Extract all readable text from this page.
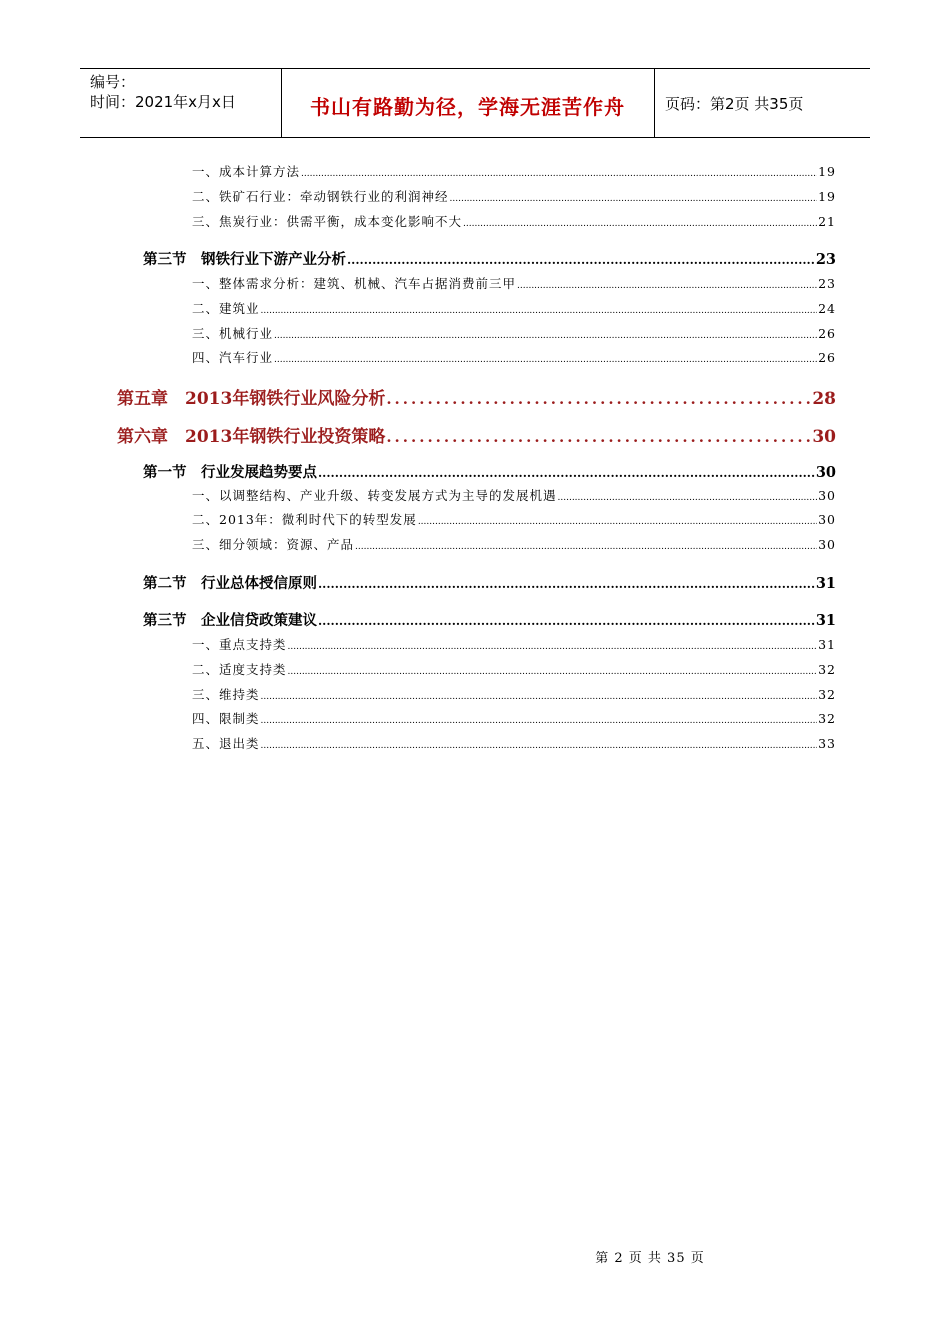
编号：
时间：2021年x月x日	书山有路勤为径，学海无涯苦作舟	页码：第2页 共35页
一、成本计算方法 .....	19
二、铁矿石行业：牵动钢铁行业的利润神经 .....	19
三、焦炭行业：供需平衡，成本变化影响不大 .....	21
第三节　钢铁行业下游产业分析 .....	23
一、整体需求分析：建筑、机械、汽车占据消费前三甲 .....	23
二、建筑业 .....	24
三、机械行业 .....	26
四、汽车行业 .....	26
第五章　2013年钢铁行业风险分析 .....	28
第六章　2013年钢铁行业投资策略 .....	30
第一节　行业发展趋势要点 .....	30
一、以调整结构、产业升级、转变发展方式为主导的发展机遇 .....	30
二、2013年：微利时代下的转型发展 .....	30
三、细分领域：资源、产品 .....	30
第二节　行业总体授信原则 .....	31
第三节　企业信贷政策建议 .....	31
一、重点支持类 .....	31
二、适度支持类 .....	32
三、维持类 .....	32
四、限制类 .....	32
五、退出类 .....	33
第 2 页 共 35 页
